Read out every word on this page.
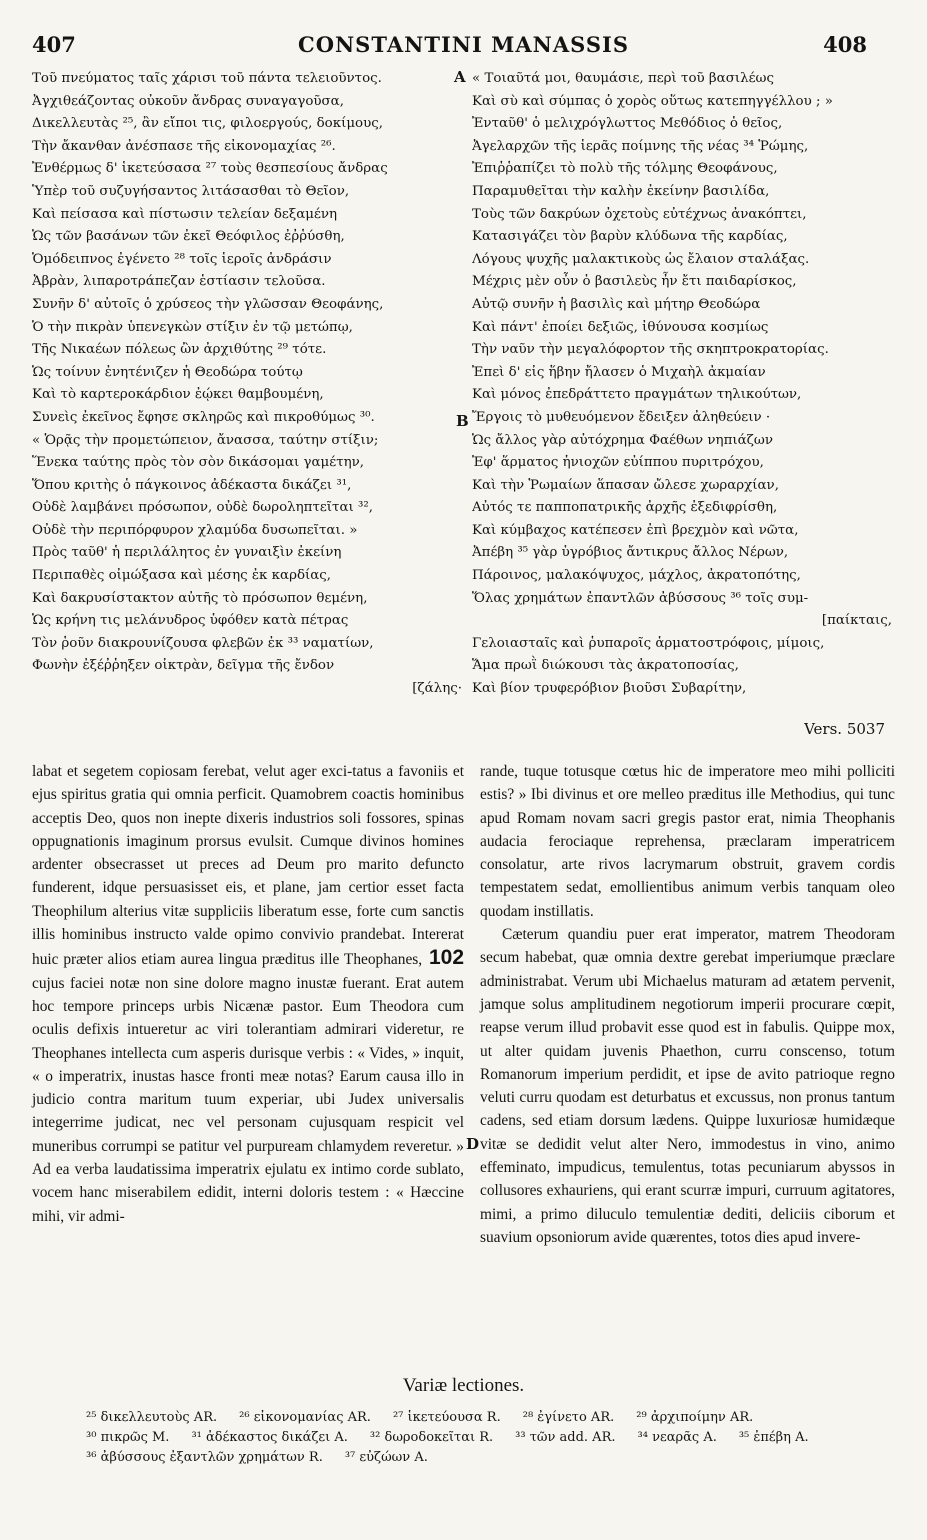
407	CONSTANTINI MANASSIS	408
Τοῦ πνεύματος ταῖς χάρισι τοῦ πάντα τελειοῦντος.
Ἀγχιθεάζοντας οὐκοῦν ἄνδρας συναγαγοῦσα,
Δικελλευτὰς ²⁵, ἂν εἴποι τις, φιλοεργούς, δοκίμους,
Τὴν ἄκανθαν ἀνέσπασε τῆς εἰκονομαχίας ²⁶.
Ἐνθέρμως δ' ἱκετεύσασα ²⁷ τοὺς θεσπεσίους ἄνδρας
Ὑπὲρ τοῦ συζυγήσαντος λιτάσασθαι τὸ Θεῖον,
Καὶ πείσασα καὶ πίστωσιν τελείαν δεξαμένη
Ὡς τῶν βασάνων τῶν ἐκεῖ Θεόφιλος ἐῤῥύσθη,
Ὁμόδειπνος ἐγένετο ²⁸ τοῖς ἱεροῖς ἀνδράσιν
Ἀβρὰν, λιπαροτράπεζαν ἑστίασιν τελοῦσα.
Συνῆν δ' αὐτοῖς ὁ χρύσεος τὴν γλῶσσαν Θεοφάνης,
Ὁ τὴν πικρὰν ὑπενεγκὼν στίξιν ἐν τῷ μετώπῳ,
Τῆς Νικαέων πόλεως ὢν ἀρχιθύτης ²⁹ τότε.
Ὡς τοίνυν ἐνητένιζεν ἡ Θεοδώρα τούτῳ
Καὶ τὸ καρτεροκάρδιον ἐῴκει θαμβουμένη,
Συνεὶς ἐκεῖνος ἔφησε σκληρῶς καὶ πικροθύμως ³⁰.
« Ὁρᾷς τὴν προμετώπειον, ἄνασσα, ταύτην στίξιν;
Ἕνεκα ταύτης πρὸς τὸν σὸν δικάσομαι γαμέτην,
Ὅπου κριτὴς ὁ πάγκοινος ἀδέκαστα δικάζει ³¹,
Οὐδὲ λαμβάνει πρόσωπον, οὐδὲ δωροληπτεῖται ³²,
Οὐδὲ τὴν περιπόρφυρον χλαμύδα δυσωπεῖται. »
Πρὸς ταῦθ' ἡ περιλάλητος ἐν γυναιξὶν ἐκείνη
Περιπαθὲς οἰμώξασα καὶ μέσης ἐκ καρδίας,
Καὶ δακρυσίστακτον αὐτῆς τὸ πρόσωπον θεμένη,
Ὡς κρήνη τις μελάνυδρος ὑφόθεν κατὰ πέτρας
Τὸν ῥοῦν διακρουνίζουσα φλεβῶν ἐκ ³³ ναματίων,
Φωνὴν ἐξέῤῥηξεν οἰκτρὰν, δεῖγμα τῆς ἔνδον
[ζάλης·
« Τοιαῦτά μοι, θαυμάσιε, περὶ τοῦ βασιλέως
Καὶ σὺ καὶ σύμπας ὁ χορὸς οὕτως κατεπηγγέλλου ; »
Ἐνταῦθ' ὁ μελιχρόγλωττος Μεθόδιος ὁ θεῖος,
Ἀγελαρχῶν τῆς ἱερᾶς ποίμνης τῆς νέας ³⁴ Ῥώμης,
Ἐπιῤῥαπίζει τὸ πολὺ τῆς τόλμης Θεοφάνους,
Παραμυθεῖται τὴν καλὴν ἐκείνην βασιλίδα,
Τοὺς τῶν δακρύων ὀχετοὺς εὐτέχνως ἀνακόπτει,
Κατασιγάζει τὸν βαρὺν κλύδωνα τῆς καρδίας,
Λόγους ψυχῆς μαλακτικοὺς ὡς ἔλαιον σταλάξας.
Μέχρις μὲν οὖν ὁ βασιλεὺς ἦν ἔτι παιδαρίσκος,
Αὐτῷ συνῆν ἡ βασιλὶς καὶ μήτηρ Θεοδώρα
Καὶ πάντ' ἐποίει δεξιῶς, ἰθύνουσα κοσμίως
Τὴν ναῦν τὴν μεγαλόφορτον τῆς σκηπτροκρατορίας.
Ἐπεὶ δ' εἰς ἥβην ἤλασεν ὁ Μιχαὴλ ἀκμαίαν
Καὶ μόνος ἐπεδράττετο πραγμάτων τηλικούτων,
Ἔργοις τὸ μυθευόμενον ἔδειξεν ἀληθεύειν ·
Ὡς ἄλλος γὰρ αὐτόχρημα Φαέθων νηπιάζων
Ἐφ' ἅρματος ἡνιοχῶν εὐίππου πυριτρόχου,
Καὶ τὴν Ῥωμαίων ἅπασαν ὤλεσε χωραρχίαν,
Αὐτός τε παπποπατρικῆς ἀρχῆς ἐξεδιφρίσθη,
Καὶ κύμβαχος κατέπεσεν ἐπὶ βρεχμὸν καὶ νῶτα,
Ἀπέβη ³⁵ γὰρ ὑγρόβιος ἄντικρυς ἄλλος Νέρων,
Πάροινος, μαλακόψυχος, μάχλος, ἀκρατοπότης,
Ὅλας χρημάτων ἐπαντλῶν ἀβύσσους ³⁶ τοῖς συμ-
[παίκταις,
Γελοιασταῖς καὶ ῥυπαροῖς ἁρματοστρόφοις, μίμοις,
Ἅμα πρωῒ διώκουσι τὰς ἀκρατοποσίας,
Καὶ βίον τρυφερόβιον βιοῦσι Συβαρίτην,
A
B
D
Vers. 5037

labat et segetem copiosam ferebat, velut ager exci-tatus a favoniis et ejus spiritus gratia qui omnia perficit. Quamobrem coactis hominibus acceptis Deo, quos non inepte dixeris industrios soli fossores, spinas oppugnationis imaginum prorsus evulsit. Cumque divinos homines ardenter obsecrasset ut preces ad Deum pro marito defuncto funderent, idque persuasisset eis, et plane, jam certior esset facta Theophilum alterius vitæ suppliciis liberatum esse, forte cum sanctis illis hominibus instructo valde opimo convivio prandebat. Intererat huic præter alios etiam aurea lingua præditus ille Theophanes, 102 cujus faciei notæ non sine dolore magno inustæ fuerant. Erat autem hoc tempore princeps urbis Nicænæ pastor. Eum Theodora cum oculis defixis intueretur ac viri tolerantiam admirari videretur, re Theophanes intellecta cum asperis durisque verbis : « Vides, » inquit, « o imperatrix, inustas hasce fronti meæ notas? Earum causa illo in judicio contra maritum tuum experiar, ubi Judex universalis integerrime judicat, nec vel personam cujusquam respicit vel muneribus corrumpi se patitur vel purpuream chlamydem reveretur. » Ad ea verba laudatissima imperatrix ejulatu ex intimo corde sublato, vocem hanc miserabilem edidit, interni doloris testem : « Hæccine mihi, vir admi-

rande, tuque totusque cœtus hic de imperatore meo mihi polliciti estis? » Ibi divinus et ore melleo præditus ille Methodius, qui tunc apud Romam novam sacri gregis pastor erat, nimia Theophanis audacia ferociaque reprehensa, præclaram imperatricem consolatur, arte rivos lacrymarum obstruit, gravem cordis tempestatem sedat, emollientibus animum verbis tanquam oleo quodam instillatis.

Cæterum quandiu puer erat imperator, matrem Theodoram secum habebat, quæ omnia dextre gerebat imperiumque præclare administrabat. Verum ubi Michaelus maturam ad ætatem pervenit, jamque solus amplitudinem negotiorum imperii procurare cœpit, reapse verum illud probavit esse quod est in fabulis. Quippe mox, ut alter quidam juvenis Phaethon, curru conscenso, totum Romanorum imperium perdidit, et ipse de avito patrioque regno veluti curru quodam est deturbatus et excussus, non pronus tantum cadens, sed etiam dorsum lædens. Quippe luxuriosæ humidæque vitæ se dedidit velut alter Nero, immodestus in vino, animo effeminato, impudicus, temulentus, totas pecuniarum abyssos in collusores exhauriens, qui erant scurræ impuri, curruum agitatores, mimi, a primo diluculo temulentiæ dediti, deliciis ciborum et suavium opsoniorum avide quærentes, totos dies apud invere-

Variæ lectiones.
²⁵ δικελλευτοὺς AR. ²⁶ εἰκονομανίας AR. ²⁷ ἱκετεύουσα R. ²⁸ ἐγίνετο AR. ²⁹ ἀρχιποίμην AR.
³⁰ πικρῶς M. ³¹ ἀδέκαστος δικάζει A. ³² δωροδοκεῖται R. ³³ τῶν add. AR. ³⁴ νεαρᾶς A. ³⁵ ἐπέβη A.
³⁶ ἀβύσσους ἐξαντλῶν χρημάτων R. ³⁷ εὐζώων A.
